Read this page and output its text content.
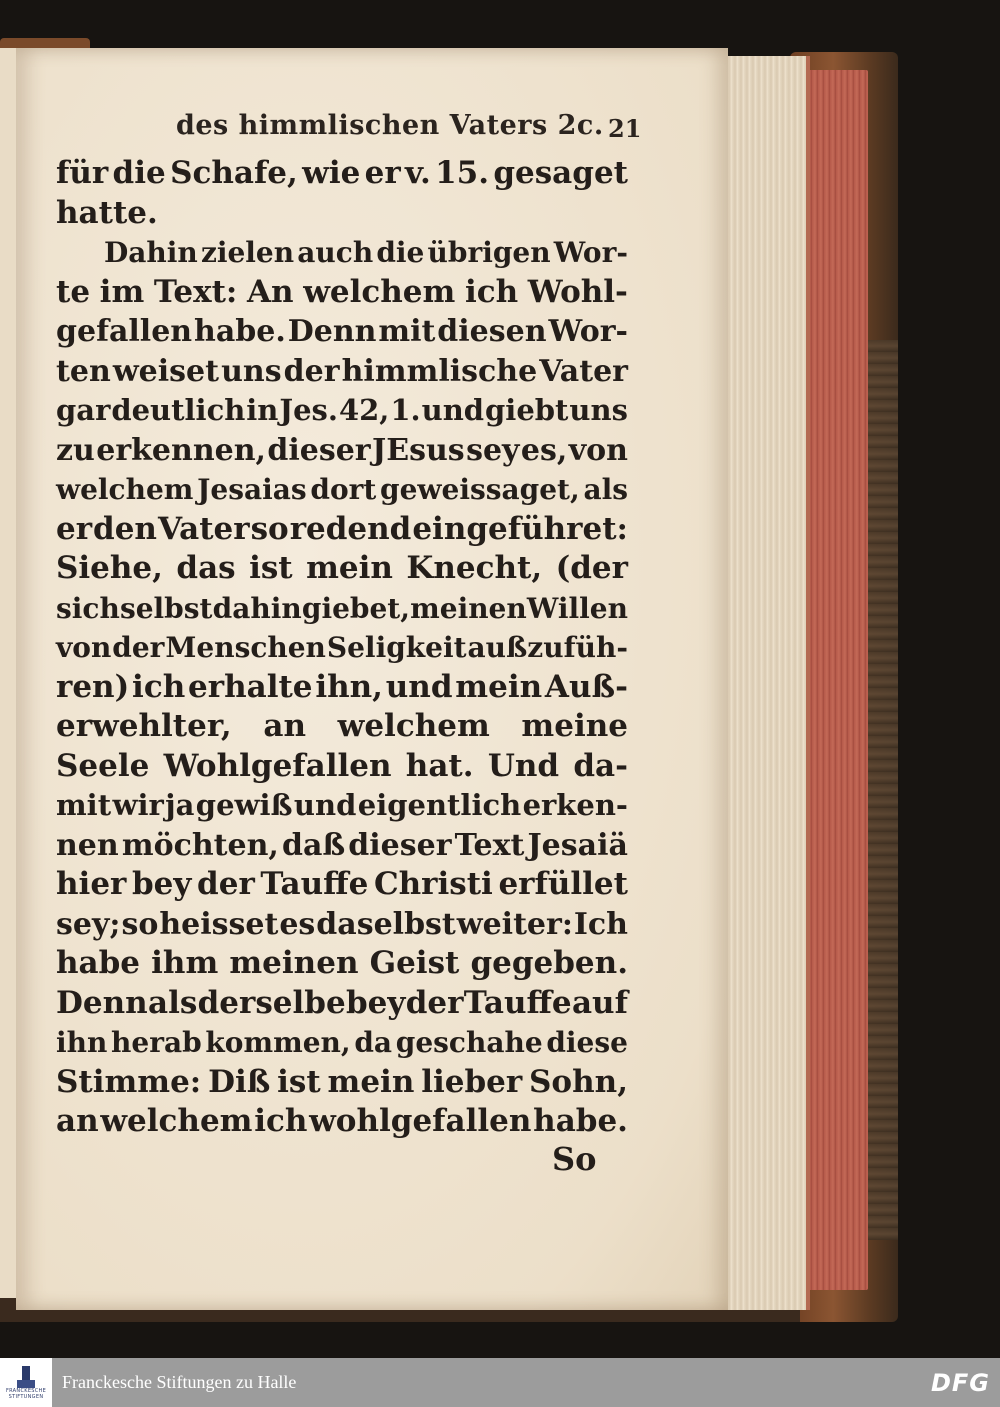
des himmlischen Vaters 2c. 21
für die Schafe, wie er v. 15. gesaget
hatte.
Dahin zielen auch die übrigen Wor-
te im Text: An welchem ich Wohl-
gefallen habe. Denn mit diesen Wor-
ten weiset uns der himmlische Vater
gar deutlich in Jes. 42, 1. und giebt uns
zu erkennen, dieser JEsus sey es, von
welchem Jesaias dort geweissaget, als
er den Vater so redend eingeführet:
Siehe, das ist mein Knecht, (der
sich selbst dahin giebet, meinen Willen
von der Menschen Seligkeit außzufüh-
ren) ich erhalte ihn, und mein Auß-
erwehlter, an welchem meine
Seele Wohlgefallen hat. Und da-
mit wir ja gewiß und eigentlich erken-
nen möchten, daß dieser Text Jesaiä
hier bey der Tauffe Christi erfüllet
sey; so heisset es daselbst weiter: Ich
habe ihm meinen Geist gegeben.
Denn als derselbe bey der Tauffe auf
ihn herab kommen, da geschahe diese
Stimme: Diß ist mein lieber Sohn,
an welchem ich wohlgefallen habe.
So
FRANCKESCHE STIFTUNGEN
Franckesche Stiftungen zu Halle	DFG
